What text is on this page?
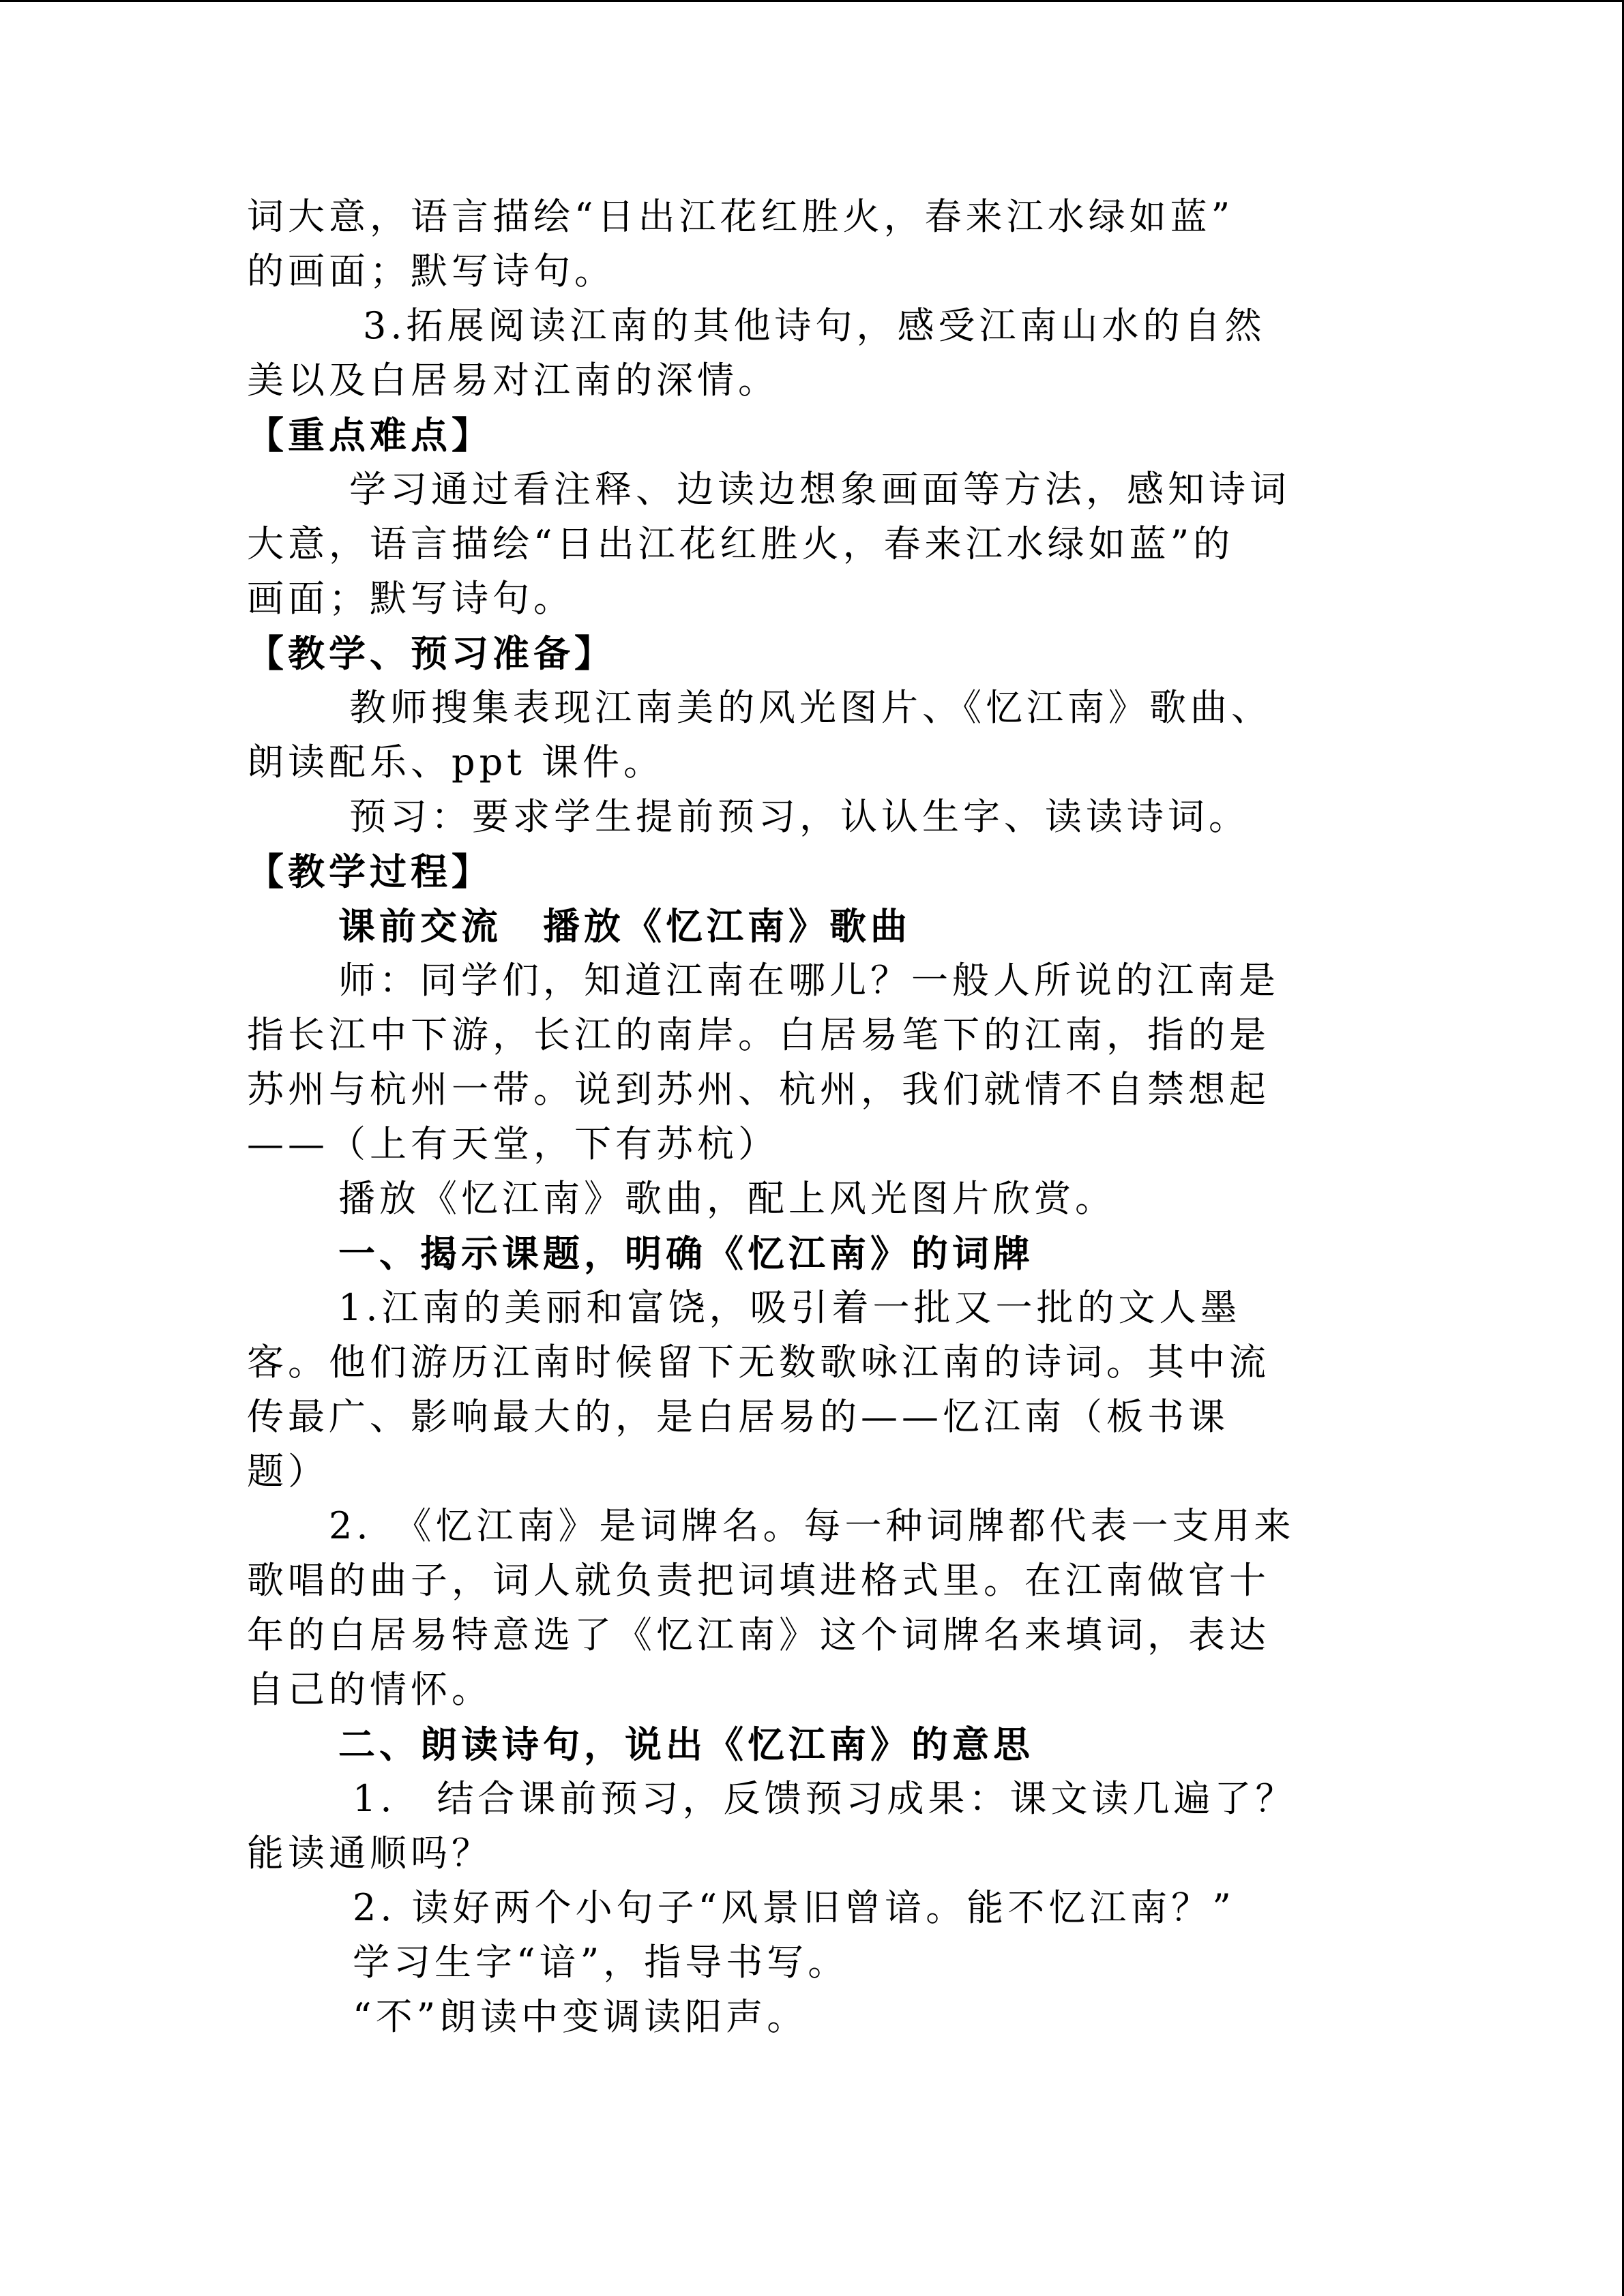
词大意，语言描绘“日出江花红胜火，春来江水绿如蓝”
的画面；默写诗句。
3.拓展阅读江南的其他诗句，感受江南山水的自然
美以及白居易对江南的深情。
【重点难点】
学习通过看注释、边读边想象画面等方法，感知诗词
大意，语言描绘“日出江花红胜火，春来江水绿如蓝”的
画面；默写诗句。
【教学、预习准备】
教师搜集表现江南美的风光图片、《忆江南》歌曲、
朗读配乐、ppt 课件。
预习：要求学生提前预习，认认生字、读读诗词。
【教学过程】
课前交流　播放《忆江南》歌曲
师：同学们，知道江南在哪儿？一般人所说的江南是
指长江中下游，长江的南岸。白居易笔下的江南，指的是
苏州与杭州一带。说到苏州、杭州，我们就情不自禁想起
——（上有天堂，下有苏杭）
播放《忆江南》歌曲，配上风光图片欣赏。
一、揭示课题，明确《忆江南》的词牌
1.江南的美丽和富饶，吸引着一批又一批的文人墨
客。他们游历江南时候留下无数歌咏江南的诗词。其中流
传最广、影响最大的，是白居易的——忆江南（板书课
题）
2.　《忆江南》是词牌名。每一种词牌都代表一支用来
歌唱的曲子，词人就负责把词填进格式里。在江南做官十
年的白居易特意选了《忆江南》这个词牌名来填词，表达
自己的情怀。
二、朗读诗句，说出《忆江南》的意思
1.　结合课前预习，反馈预习成果：课文读几遍了？
能读通顺吗？
2. 读好两个小句子“风景旧曾谙。能不忆江南？”
学习生字“谙”，指导书写。
“不”朗读中变调读阳声。
